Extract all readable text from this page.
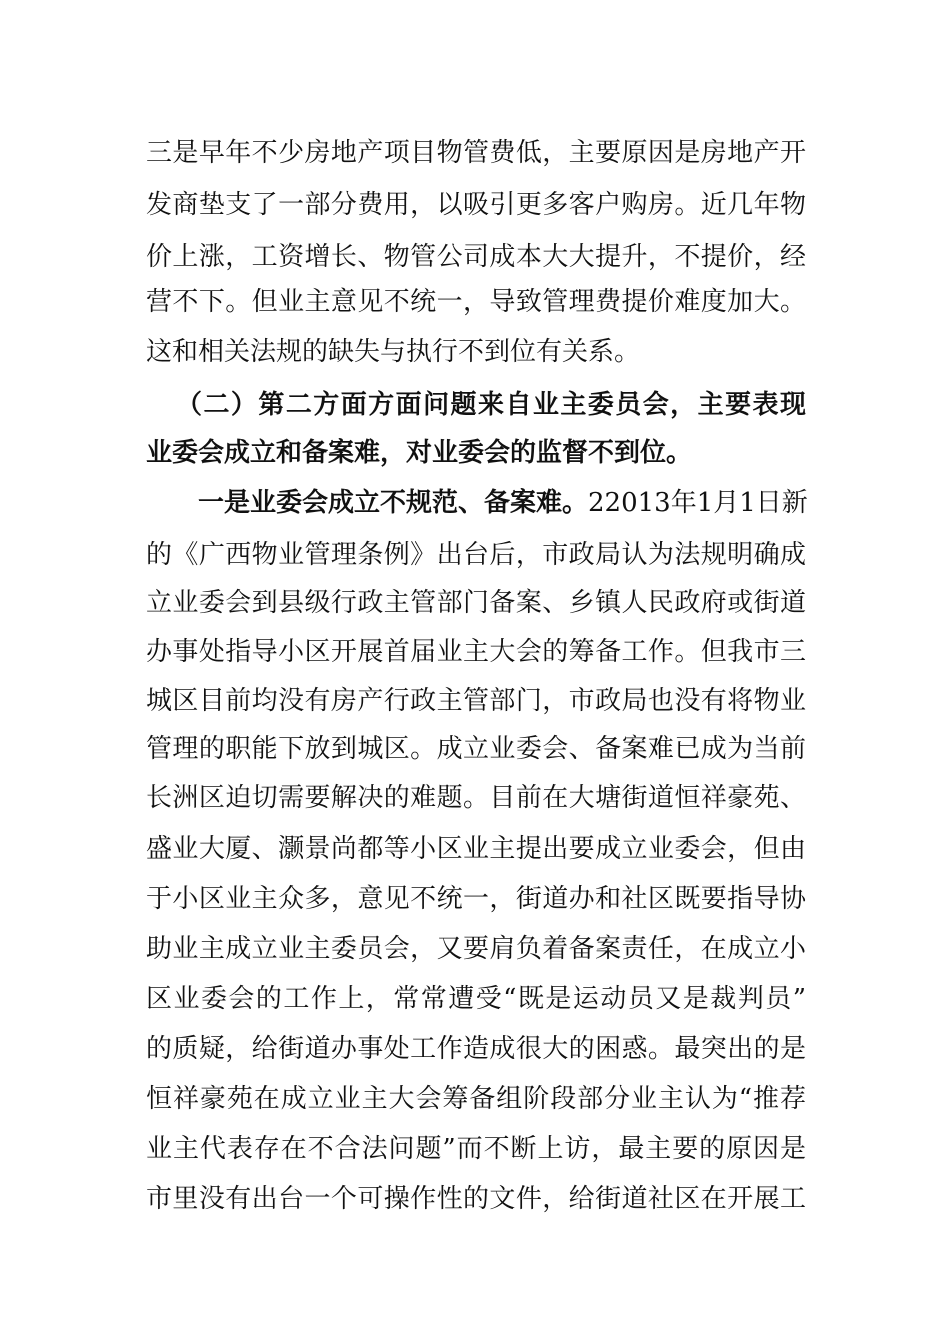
三是早年不少房地产项目物管费低，主要原因是房地产开
发商垫支了一部分费用，以吸引更多客户购房。近几年物
价上涨，工资增长、物管公司成本大大提升，不提价，经
营不下。但业主意见不统一，导致管理费提价难度加大。
这和相关法规的缺失与执行不到位有关系。
（二）第二方面方面问题来自业主委员会，主要表现
业委会成立和备案难，对业委会的监督不到位。
一是业委会成立不规范、备案难。22013年1月1日新
的《广西物业管理条例》出台后，市政局认为法规明确成
立业委会到县级行政主管部门备案、乡镇人民政府或街道
办事处指导小区开展首届业主大会的筹备工作。但我市三
城区目前均没有房产行政主管部门，市政局也没有将物业
管理的职能下放到城区。成立业委会、备案难已成为当前
长洲区迫切需要解决的难题。目前在大塘街道恒祥豪苑、
盛业大厦、灏景尚都等小区业主提出要成立业委会，但由
于小区业主众多，意见不统一，街道办和社区既要指导协
助业主成立业主委员会，又要肩负着备案责任，在成立小
区业委会的工作上，常常遭受“既是运动员又是裁判员”
的质疑，给街道办事处工作造成很大的困惑。最突出的是
恒祥豪苑在成立业主大会筹备组阶段部分业主认为“推荐
业主代表存在不合法问题”而不断上访，最主要的原因是
市里没有出台一个可操作性的文件，给街道社区在开展工
